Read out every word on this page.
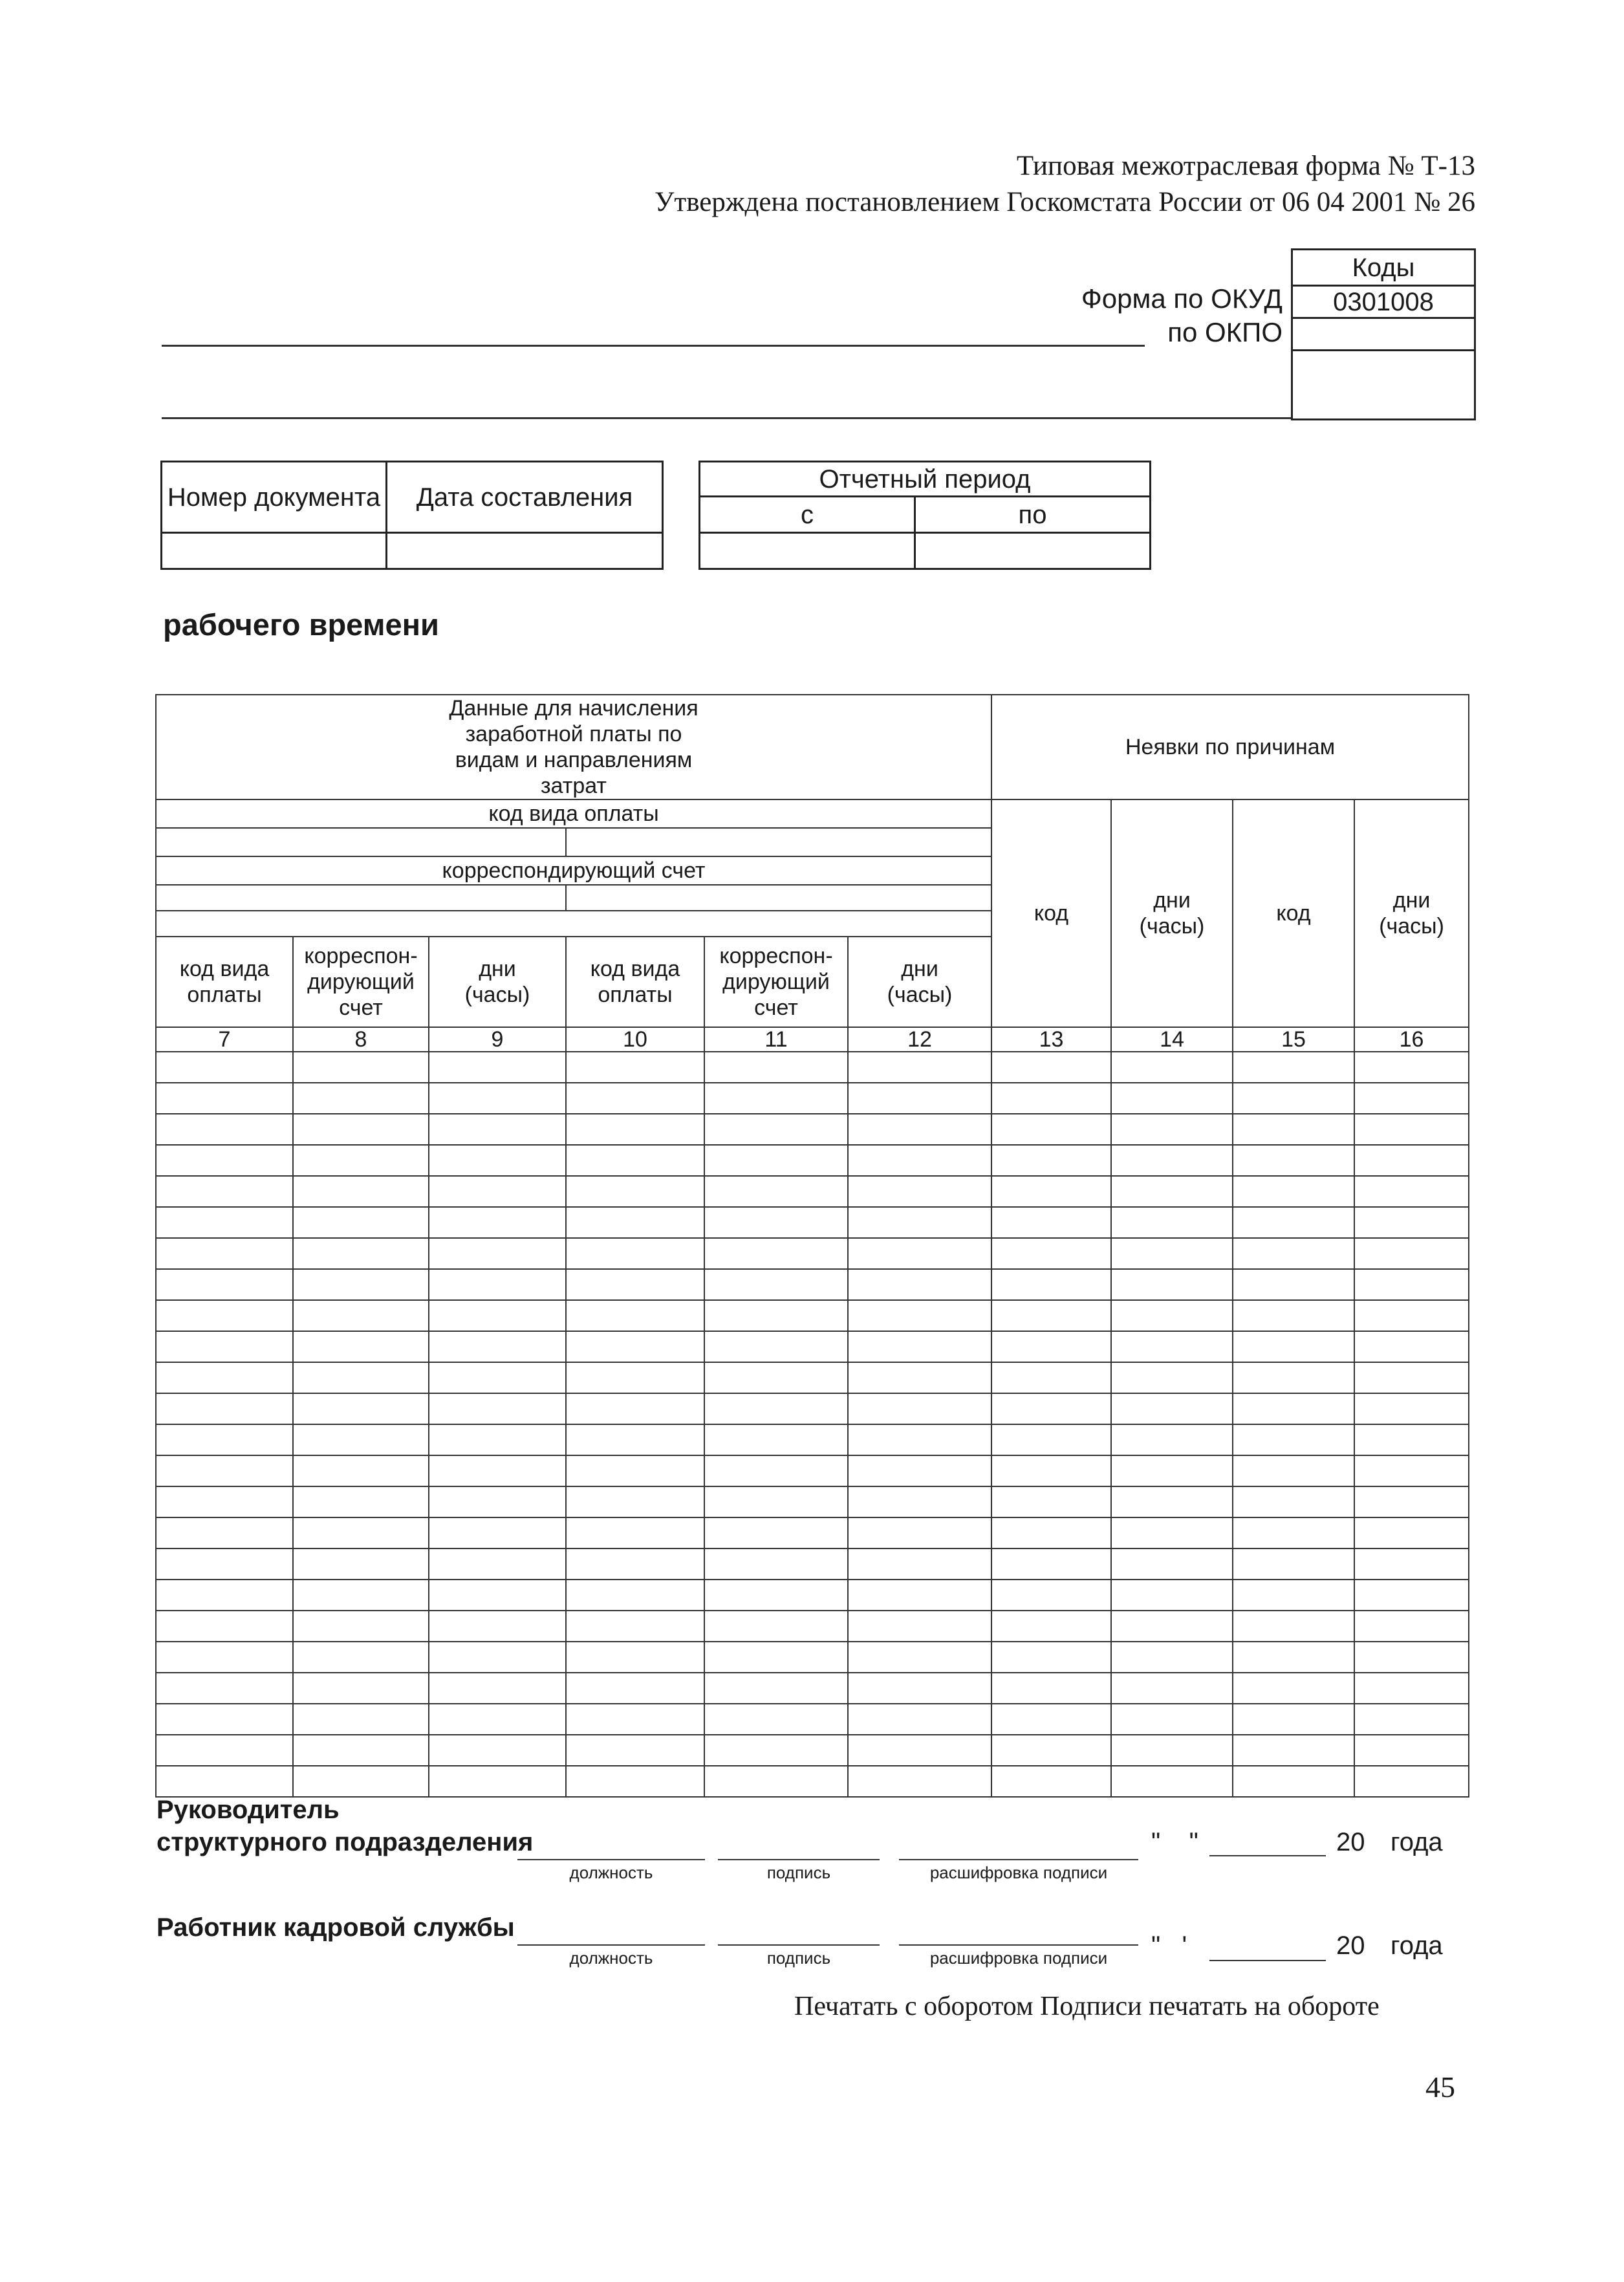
Типовая межотраслевая форма № Т-13
Утверждена постановлением Госкомстата России от 06 04 2001 № 26
Коды
0301008
Форма по ОКУД
по ОКПО
Номер документа	Дата составления

Отчетный период	
с	по

рабочего времени
Данные для начисления заработной платы по видам и направлениям затрат						Неявки по причинам			
код вида оплаты						код	дни (часы)	код	дни (часы)

корреспондирующий счет									

код вида оплаты	корреспон-дирующий счет	дни (часы)	код вида оплаты	корреспон-дирующий счет	дни (часы)				
7	8	9	10	11	12	13	14	15	16

Руководитель
структурного подразделения
должность	подпись	расшифровка подписи
"    "	20 года
Работник кадровой службы
должность	подпись	расшифровка подписи	"   '	20 года
Печатать с оборотом Подписи печатать на обороте
45
